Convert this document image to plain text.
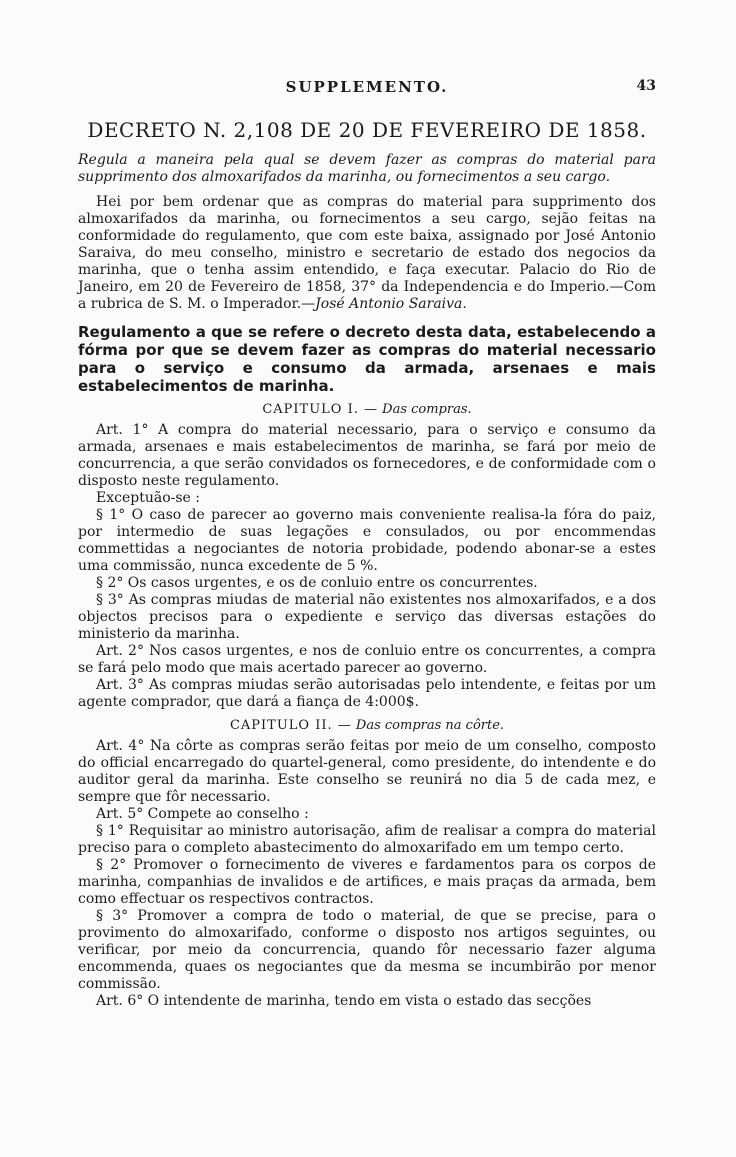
SUPPLEMENTO.	43
DECRETO N. 2,108 DE 20 DE FEVEREIRO DE 1858.

Regula a maneira pela qual se devem fazer as compras do material para supprimento dos almoxarifados da marinha, ou fornecimentos a seu cargo.

Hei por bem ordenar que as compras do material para supprimento dos almoxarifados da marinha, ou fornecimentos a seu cargo, sejão feitas na conformidade do regulamento, que com este baixa, assignado por José Antonio Saraiva, do meu conselho, ministro e secretario de estado dos negocios da marinha, que o tenha assim entendido, e faça executar. Palacio do Rio de Janeiro, em 20 de Fevereiro de 1858, 37° da Independencia e do Imperio.—Com a rubrica de S. M. o Imperador.—José Antonio Saraiva.

Regulamento a que se refere o decreto desta data, estabelecendo a fórma por que se devem fazer as compras do material necessario para o serviço e consumo da armada, arsenaes e mais estabelecimentos de marinha.
CAPITULO I. — Das compras.

Art. 1° A compra do material necessario, para o serviço e consumo da armada, arsenaes e mais estabelecimentos de marinha, se fará por meio de concurrencia, a que serão convidados os fornecedores, e de conformidade com o disposto neste regulamento.

Exceptuão-se :

§ 1° O caso de parecer ao governo mais conveniente realisa-la fóra do paiz, por intermedio de suas legações e consulados, ou por encommendas commettidas a negociantes de notoria probidade, podendo abonar-se a estes uma commissão, nunca excedente de 5 %.

§ 2° Os casos urgentes, e os de conluio entre os concurrentes.

§ 3° As compras miudas de material não existentes nos almoxarifados, e a dos objectos precisos para o expediente e serviço das diversas estações do ministerio da marinha.

Art. 2° Nos casos urgentes, e nos de conluio entre os concurrentes, a compra se fará pelo modo que mais acertado parecer ao governo.

Art. 3° As compras miudas serão autorisadas pelo intendente, e feitas por um agente comprador, que dará a fiança de 4:000$.

CAPITULO II. — Das compras na côrte.

Art. 4° Na côrte as compras serão feitas por meio de um conselho, composto do official encarregado do quartel-general, como presidente, do intendente e do auditor geral da marinha. Este conselho se reunirá no dia 5 de cada mez, e sempre que fôr necessario.

Art. 5° Compete ao conselho :

§ 1° Requisitar ao ministro autorisação, afim de realisar a compra do material preciso para o completo abastecimento do almoxarifado em um tempo certo.

§ 2° Promover o fornecimento de viveres e fardamentos para os corpos de marinha, companhias de invalidos e de artifices, e mais praças da armada, bem como effectuar os respectivos contractos.

§ 3° Promover a compra de todo o material, de que se precise, para o provimento do almoxarifado, conforme o disposto nos artigos seguintes, ou verificar, por meio da concurrencia, quando fôr necessario fazer alguma encommenda, quaes os negociantes que da mesma se incumbirão por menor commissão.

Art. 6° O intendente de marinha, tendo em vista o estado das secções
